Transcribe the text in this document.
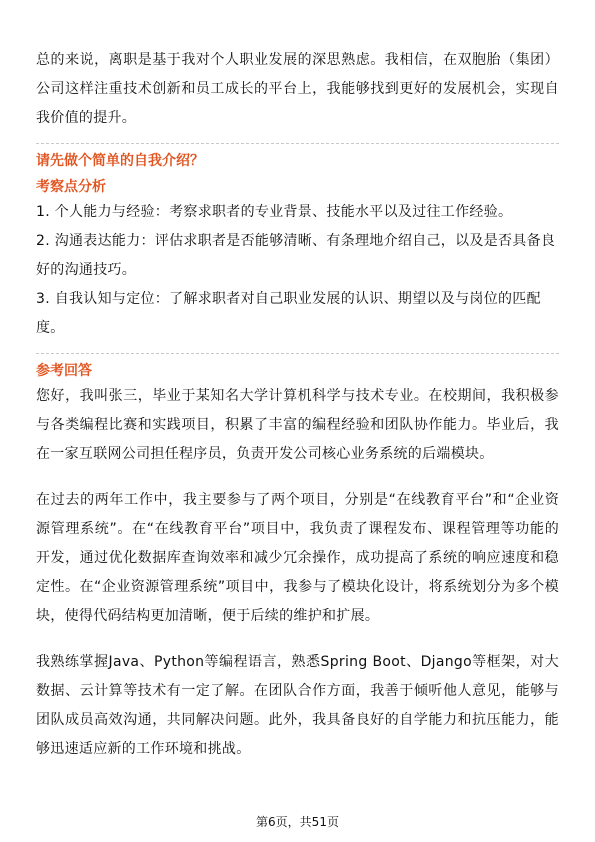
总的来说，离职是基于我对个人职业发展的深思熟虑。我相信，在双胞胎（集团）公司这样注重技术创新和员工成长的平台上，我能够找到更好的发展机会，实现自我价值的提升。

请先做个简单的自我介绍？

考察点分析

1. 个人能力与经验：考察求职者的专业背景、技能水平以及过往工作经验。

2. 沟通表达能力：评估求职者是否能够清晰、有条理地介绍自己，以及是否具备良好的沟通技巧。

3. 自我认知与定位：了解求职者对自己职业发展的认识、期望以及与岗位的匹配度。

参考回答

您好，我叫张三，毕业于某知名大学计算机科学与技术专业。在校期间，我积极参与各类编程比赛和实践项目，积累了丰富的编程经验和团队协作能力。毕业后，我在一家互联网公司担任程序员，负责开发公司核心业务系统的后端模块。

在过去的两年工作中，我主要参与了两个项目，分别是“在线教育平台”和“企业资源管理系统”。在“在线教育平台”项目中，我负责了课程发布、课程管理等功能的开发，通过优化数据库查询效率和减少冗余操作，成功提高了系统的响应速度和稳定性。在“企业资源管理系统”项目中，我参与了模块化设计，将系统划分为多个模块，使得代码结构更加清晰，便于后续的维护和扩展。

我熟练掌握Java、Python等编程语言，熟悉Spring Boot、Django等框架，对大数据、云计算等技术有一定了解。在团队合作方面，我善于倾听他人意见，能够与团队成员高效沟通，共同解决问题。此外，我具备良好的自学能力和抗压能力，能够迅速适应新的工作环境和挑战。

第6页，共51页
